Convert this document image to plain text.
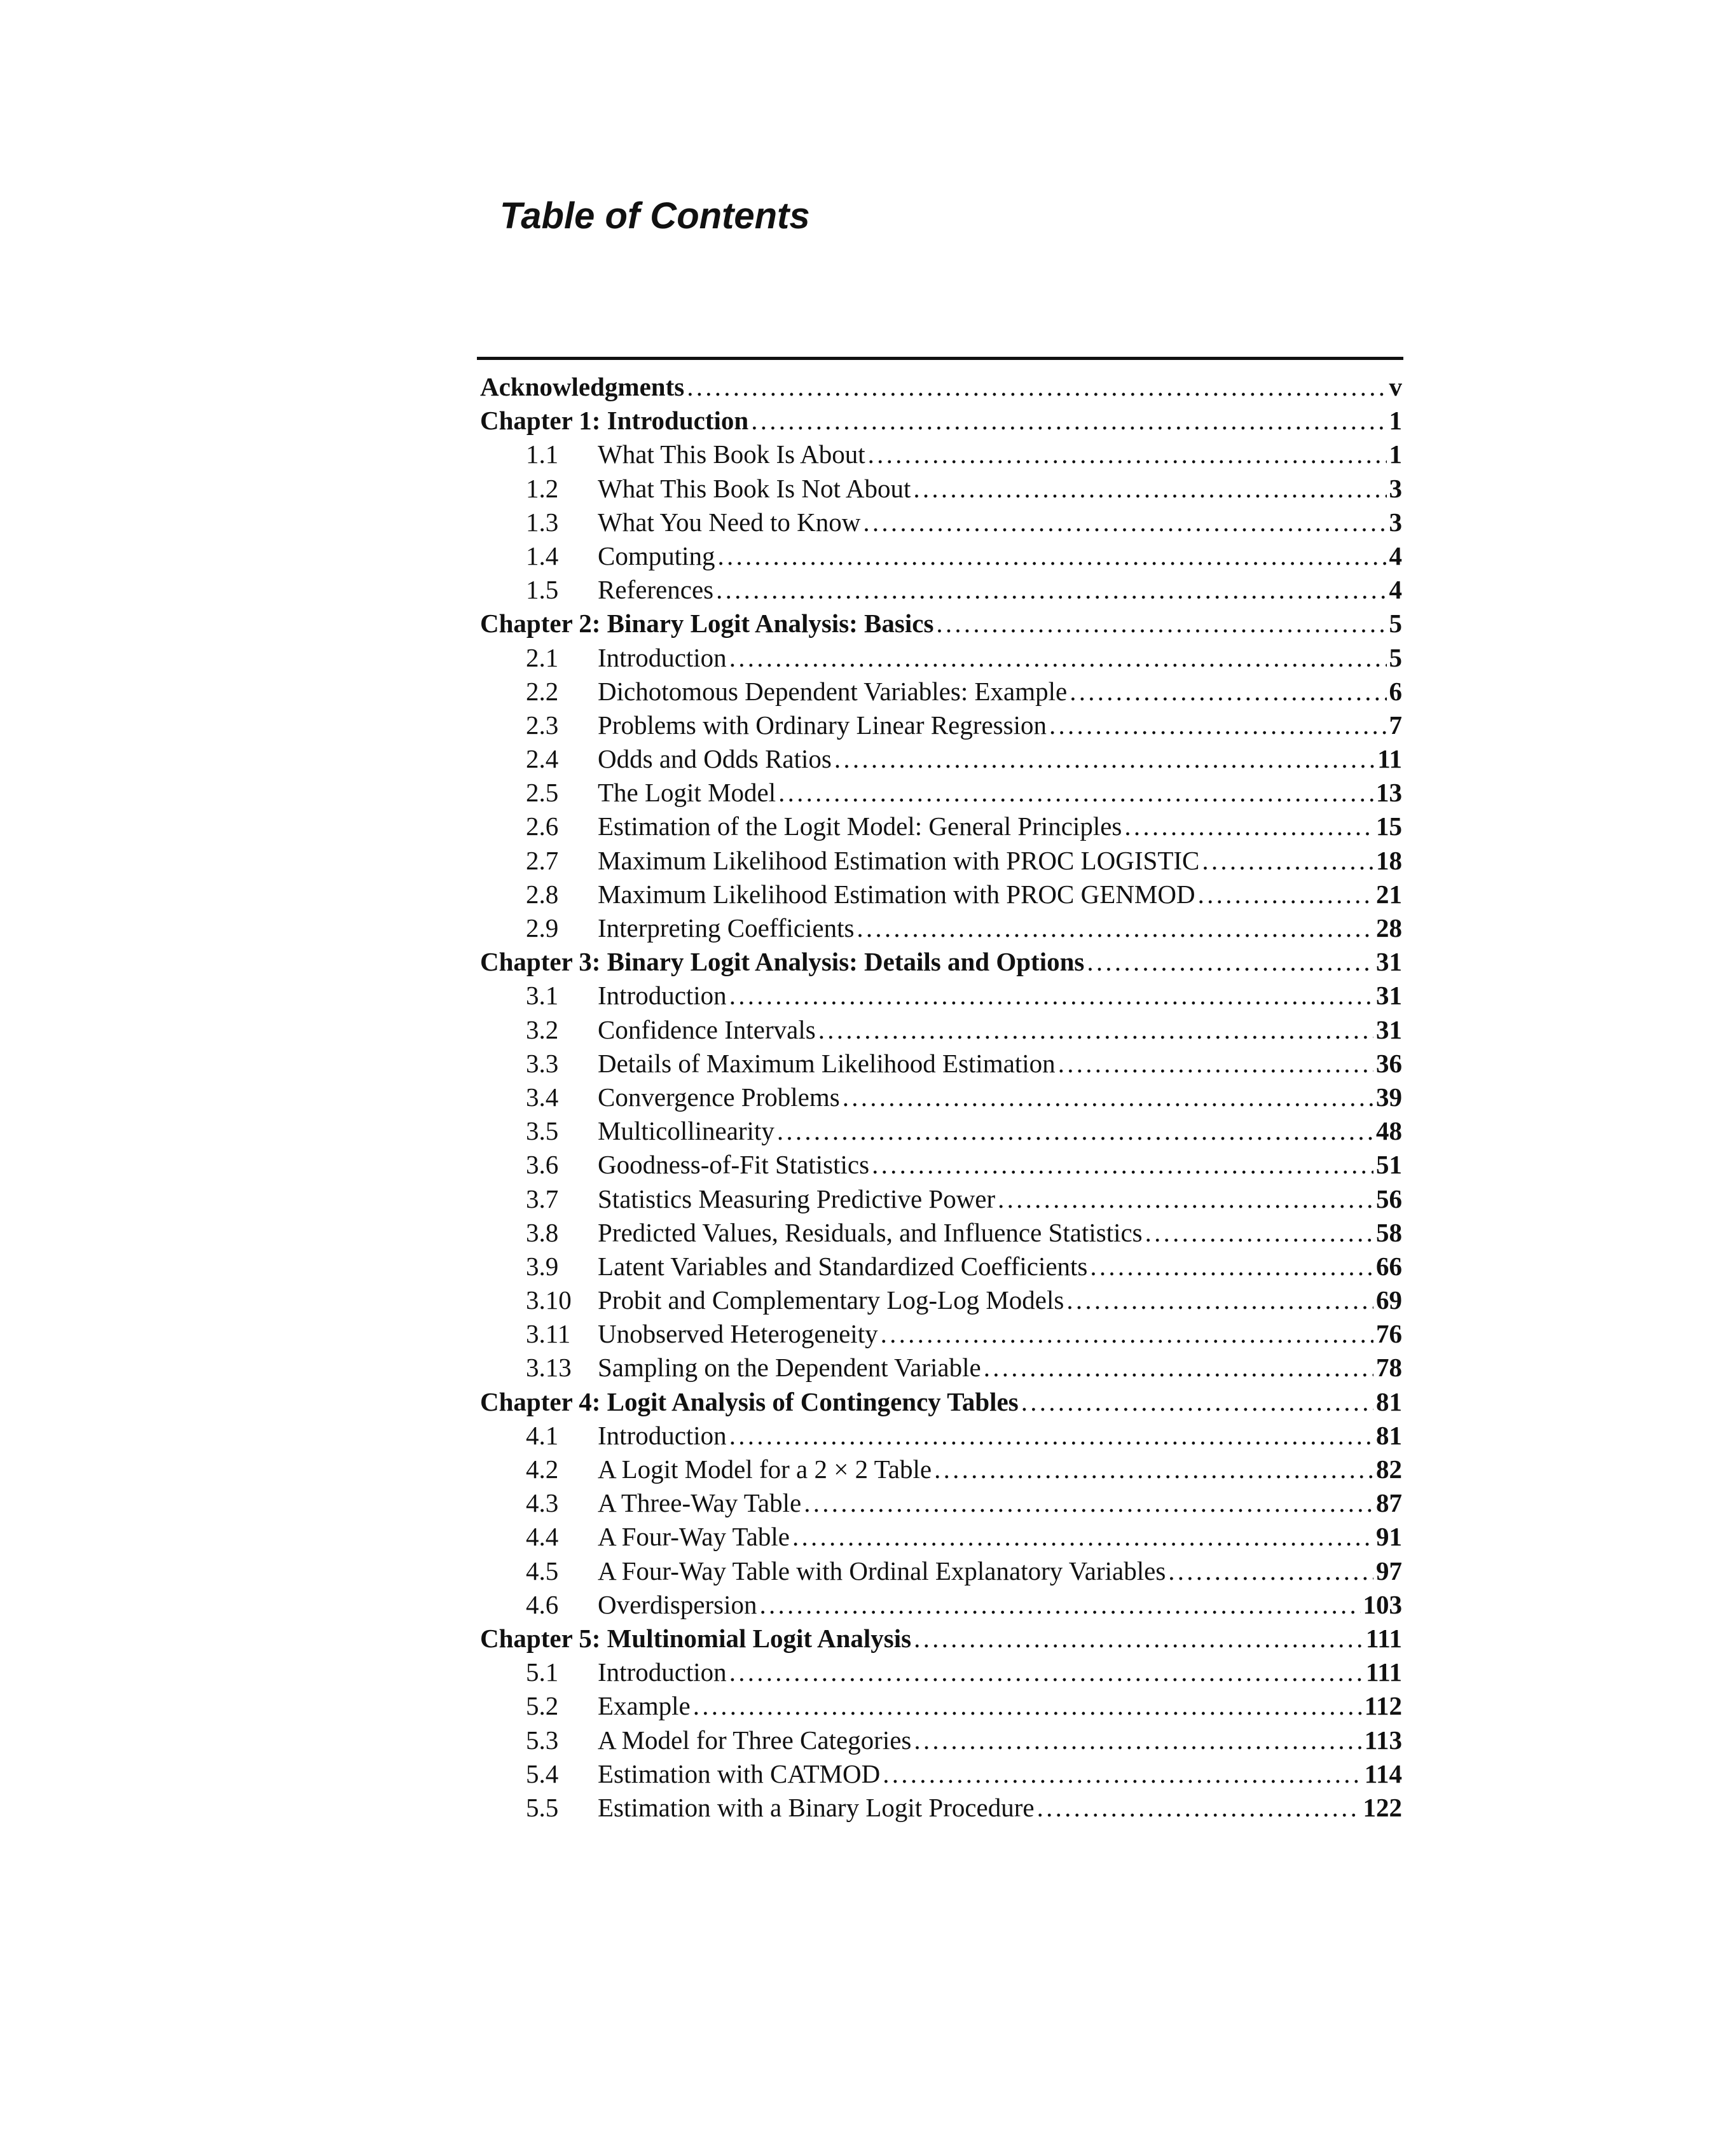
Table of Contents
Acknowledgments . . .	v
Chapter 1: Introduction . . .	1
1.1	What This Book Is About . . .	1
1.2	What This Book Is Not About . . .	3
1.3	What You Need to Know . . .	3
1.4	Computing . . .	4
1.5	References . . .	4
Chapter 2: Binary Logit Analysis: Basics . . .	5
2.1	Introduction . . .	5
2.2	Dichotomous Dependent Variables: Example . . .	6
2.3	Problems with Ordinary Linear Regression . . .	7
2.4	Odds and Odds Ratios . . .	11
2.5	The Logit Model . . .	13
2.6	Estimation of the Logit Model: General Principles . . .	15
2.7	Maximum Likelihood Estimation with PROC LOGISTIC . . .	18
2.8	Maximum Likelihood Estimation with PROC GENMOD . . .	21
2.9	Interpreting Coefficients . . .	28
Chapter 3: Binary Logit Analysis: Details and Options . . .	31
3.1	Introduction . . .	31
3.2	Confidence Intervals . . .	31
3.3	Details of Maximum Likelihood Estimation . . .	36
3.4	Convergence Problems . . .	39
3.5	Multicollinearity . . .	48
3.6	Goodness-of-Fit Statistics . . .	51
3.7	Statistics Measuring Predictive Power . . .	56
3.8	Predicted Values, Residuals, and Influence Statistics . . .	58
3.9	Latent Variables and Standardized Coefficients . . .	66
3.10	Probit and Complementary Log-Log Models . . .	69
3.11	Unobserved Heterogeneity . . .	76
3.13	Sampling on the Dependent Variable . . .	78
Chapter 4: Logit Analysis of Contingency Tables . . .	81
4.1	Introduction . . .	81
4.2	A Logit Model for a 2 × 2 Table . . .	82
4.3	A Three-Way Table . . .	87
4.4	A Four-Way Table . . .	91
4.5	A Four-Way Table with Ordinal Explanatory Variables . . .	97
4.6	Overdispersion . . .	103
Chapter 5: Multinomial Logit Analysis . . .	111
5.1	Introduction . . .	111
5.2	Example . . .	112
5.3	A Model for Three Categories . . .	113
5.4	Estimation with CATMOD . . .	114
5.5	Estimation with a Binary Logit Procedure . . .	122
